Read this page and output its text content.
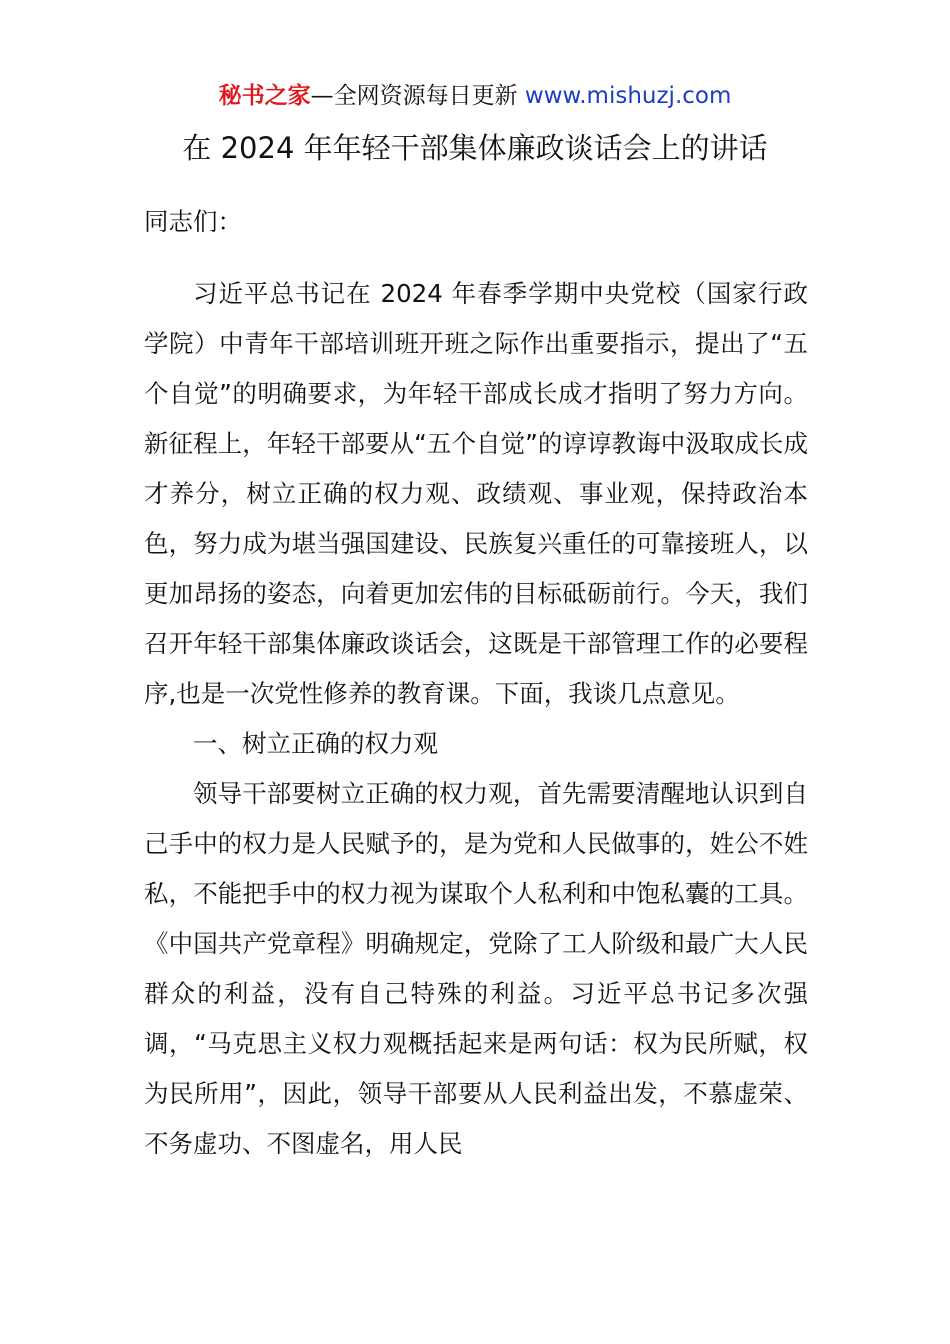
秘书之家—全网资源每日更新 www.mishuzj.com
在 2024 年年轻干部集体廉政谈话会上的讲话

同志们：

习近平总书记在 2024 年春季学期中央党校（国家行政学院）中青年干部培训班开班之际作出重要指示，提出了“五个自觉”的明确要求，为年轻干部成长成才指明了努力方向。新征程上，年轻干部要从“五个自觉”的谆谆教诲中汲取成长成才养分，树立正确的权力观、政绩观、事业观，保持政治本色，努力成为堪当强国建设、民族复兴重任的可靠接班人，以更加昂扬的姿态，向着更加宏伟的目标砥砺前行。今天，我们召开年轻干部集体廉政谈话会，这既是干部管理工作的必要程序,也是一次党性修养的教育课。下面，我谈几点意见。

一、树立正确的权力观

领导干部要树立正确的权力观，首先需要清醒地认识到自己手中的权力是人民赋予的，是为党和人民做事的，姓公不姓私，不能把手中的权力视为谋取个人私利和中饱私囊的工具。《中国共产党章程》明确规定，党除了工人阶级和最广大人民群众的利益，没有自己特殊的利益。习近平总书记多次强调，“马克思主义权力观概括起来是两句话：权为民所赋，权为民所用”，因此，领导干部要从人民利益出发，不慕虚荣、不务虚功、不图虚名，用人民
